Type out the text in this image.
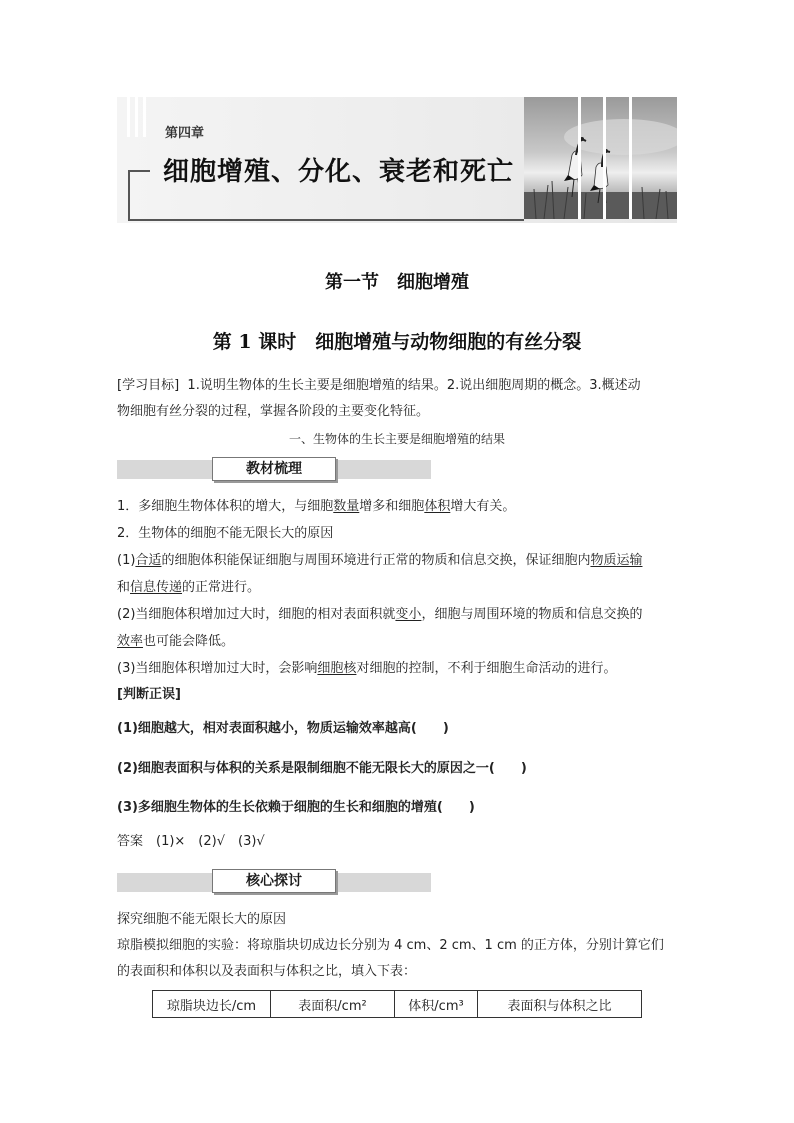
第四章
细胞增殖、分化、衰老和死亡
第一节　细胞增殖
第 1 课时　细胞增殖与动物细胞的有丝分裂
[学习目标] 1.说明生物体的生长主要是细胞增殖的结果。2.说出细胞周期的概念。3.概述动
物细胞有丝分裂的过程，掌握各阶段的主要变化特征。
一、生物体的生长主要是细胞增殖的结果
教材梳理
1．多细胞生物体体积的增大，与细胞数量增多和细胞体积增大有关。
2．生物体的细胞不能无限长大的原因
(1)合适的细胞体积能保证细胞与周围环境进行正常的物质和信息交换，保证细胞内物质运输
和信息传递的正常进行。
(2)当细胞体积增加过大时，细胞的相对表面积就变小，细胞与周围环境的物质和信息交换的
效率也可能会降低。
(3)当细胞体积增加过大时，会影响细胞核对细胞的控制，不利于细胞生命活动的进行。
[判断正误]
(1)细胞越大，相对表面积越小，物质运输效率越高(　　)
(2)细胞表面积与体积的关系是限制细胞不能无限长大的原因之一(　　)
(3)多细胞生物体的生长依赖于细胞的生长和细胞的增殖(　　)
答案　(1)×　(2)√　(3)√
核心探讨
探究细胞不能无限长大的原因
琼脂模拟细胞的实验：将琼脂块切成边长分别为 4 cm、2 cm、1 cm 的正方体，分别计算它们
的表面积和体积以及表面积与体积之比，填入下表：
琼脂块边长/cm	表面积/cm²	体积/cm³	表面积与体积之比
